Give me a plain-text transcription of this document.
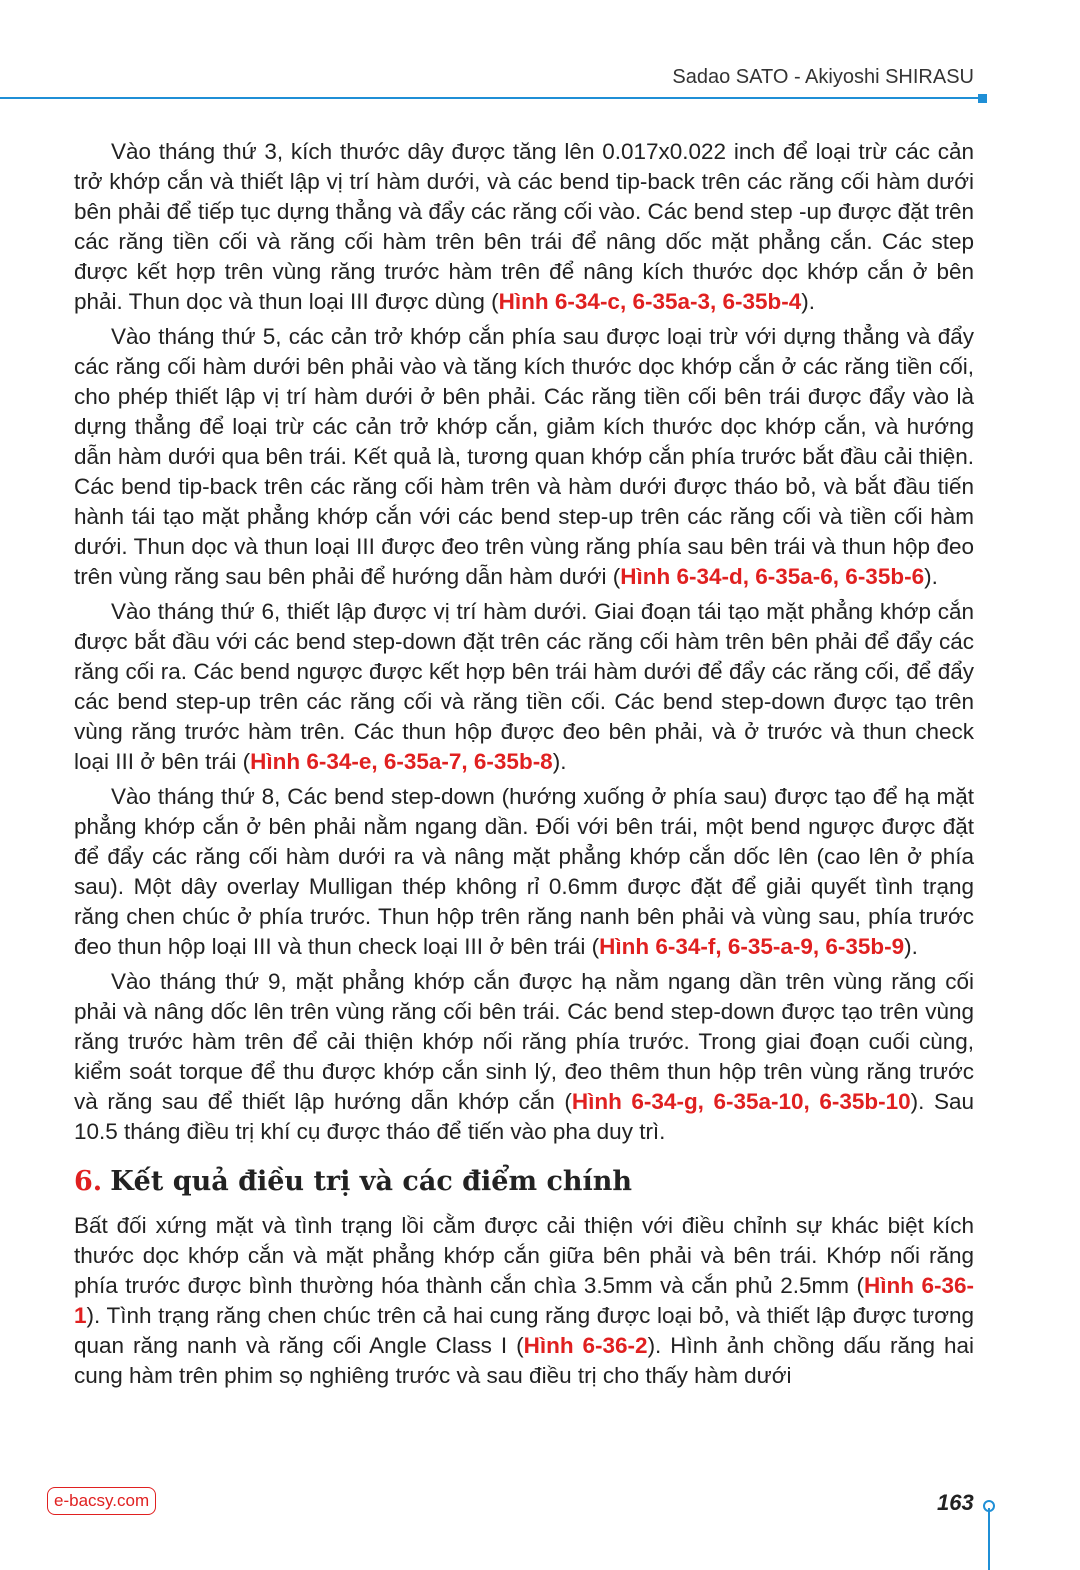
Sadao SATO - Akiyoshi SHIRASU

Vào tháng thứ 3, kích thước dây được tăng lên 0.017x0.022 inch để loại trừ các cản trở khớp cắn và thiết lập vị trí hàm dưới, và các bend tip-back trên các răng cối hàm dưới bên phải để tiếp tục dựng thẳng và đẩy các răng cối vào. Các bend step -up được đặt trên các răng tiền cối và răng cối hàm trên bên trái để nâng dốc mặt phẳng cắn. Các step được kết hợp trên vùng răng trước hàm trên để nâng kích thước dọc khớp cắn ở bên phải. Thun dọc và thun loại III được dùng (Hình 6-34-c, 6-35a-3, 6-35b-4).

Vào tháng thứ 5, các cản trở khớp cắn phía sau được loại trừ với dựng thẳng và đẩy các răng cối hàm dưới bên phải vào và tăng kích thước dọc khớp cắn ở các răng tiền cối, cho phép thiết lập vị trí hàm dưới ở bên phải. Các răng tiền cối bên trái được đẩy vào là dựng thẳng để loại trừ các cản trở khớp cắn, giảm kích thước dọc khớp cắn, và hướng dẫn hàm dưới qua bên trái. Kết quả là, tương quan khớp cắn phía trước bắt đầu cải thiện. Các bend tip-back trên các răng cối hàm trên và hàm dưới được tháo bỏ, và bắt đầu tiến hành tái tạo mặt phẳng khớp cắn với các bend step-up trên các răng cối và tiền cối hàm dưới. Thun dọc và thun loại III được đeo trên vùng răng phía sau bên trái và thun hộp đeo trên vùng răng sau bên phải để hướng dẫn hàm dưới (Hình 6-34-d, 6-35a-6, 6-35b-6).

Vào tháng thứ 6, thiết lập được vị trí hàm dưới. Giai đoạn tái tạo mặt phẳng khớp cắn được bắt đầu với các bend step-down đặt trên các răng cối hàm trên bên phải để đẩy các răng cối ra. Các bend ngược được kết hợp bên trái hàm dưới để đẩy các răng cối, để đẩy các bend step-up trên các răng cối và răng tiền cối. Các bend step-down được tạo trên vùng răng trước hàm trên. Các thun hộp được đeo bên phải, và ở trước và thun check loại III ở bên trái (Hình 6-34-e, 6-35a-7, 6-35b-8).

Vào tháng thứ 8, Các bend step-down (hướng xuống ở phía sau) được tạo để hạ mặt phẳng khớp cắn ở bên phải nằm ngang dần. Đối với bên trái, một bend ngược được đặt để đẩy các răng cối hàm dưới ra và nâng mặt phẳng khớp cắn dốc lên (cao lên ở phía sau). Một dây overlay Mulligan thép không rỉ 0.6mm được đặt để giải quyết tình trạng răng chen chúc ở phía trước. Thun hộp trên răng nanh bên phải và vùng sau, phía trước đeo thun hộp loại III và thun check loại III ở bên trái (Hình 6-34-f, 6-35-a-9, 6-35b-9).

Vào tháng thứ 9, mặt phẳng khớp cắn được hạ nằm ngang dần trên vùng răng cối phải và nâng dốc lên trên vùng răng cối bên trái. Các bend step-down được tạo trên vùng răng trước hàm trên để cải thiện khớp nối răng phía trước. Trong giai đoạn cuối cùng, kiểm soát torque để thu được khớp cắn sinh lý, đeo thêm thun hộp trên vùng răng trước và răng sau để thiết lập hướng dẫn khớp cắn (Hình 6-34-g, 6-35a-10, 6-35b-10). Sau 10.5 tháng điều trị khí cụ được tháo để tiến vào pha duy trì.

6. Kết quả điều trị và các điểm chính

Bất đối xứng mặt và tình trạng lồi cằm được cải thiện với điều chỉnh sự khác biệt kích thước dọc khớp cắn và mặt phẳng khớp cắn giữa bên phải và bên trái. Khớp nối răng phía trước được bình thường hóa thành cắn chìa 3.5mm và cắn phủ 2.5mm (Hình 6-36-1). Tình trạng răng chen chúc trên cả hai cung răng được loại bỏ, và thiết lập được tương quan răng nanh và răng cối Angle Class I (Hình 6-36-2). Hình ảnh chồng dấu răng hai cung hàm trên phim sọ nghiêng trước và sau điều trị cho thấy hàm dưới

e-bacsy.com	163
